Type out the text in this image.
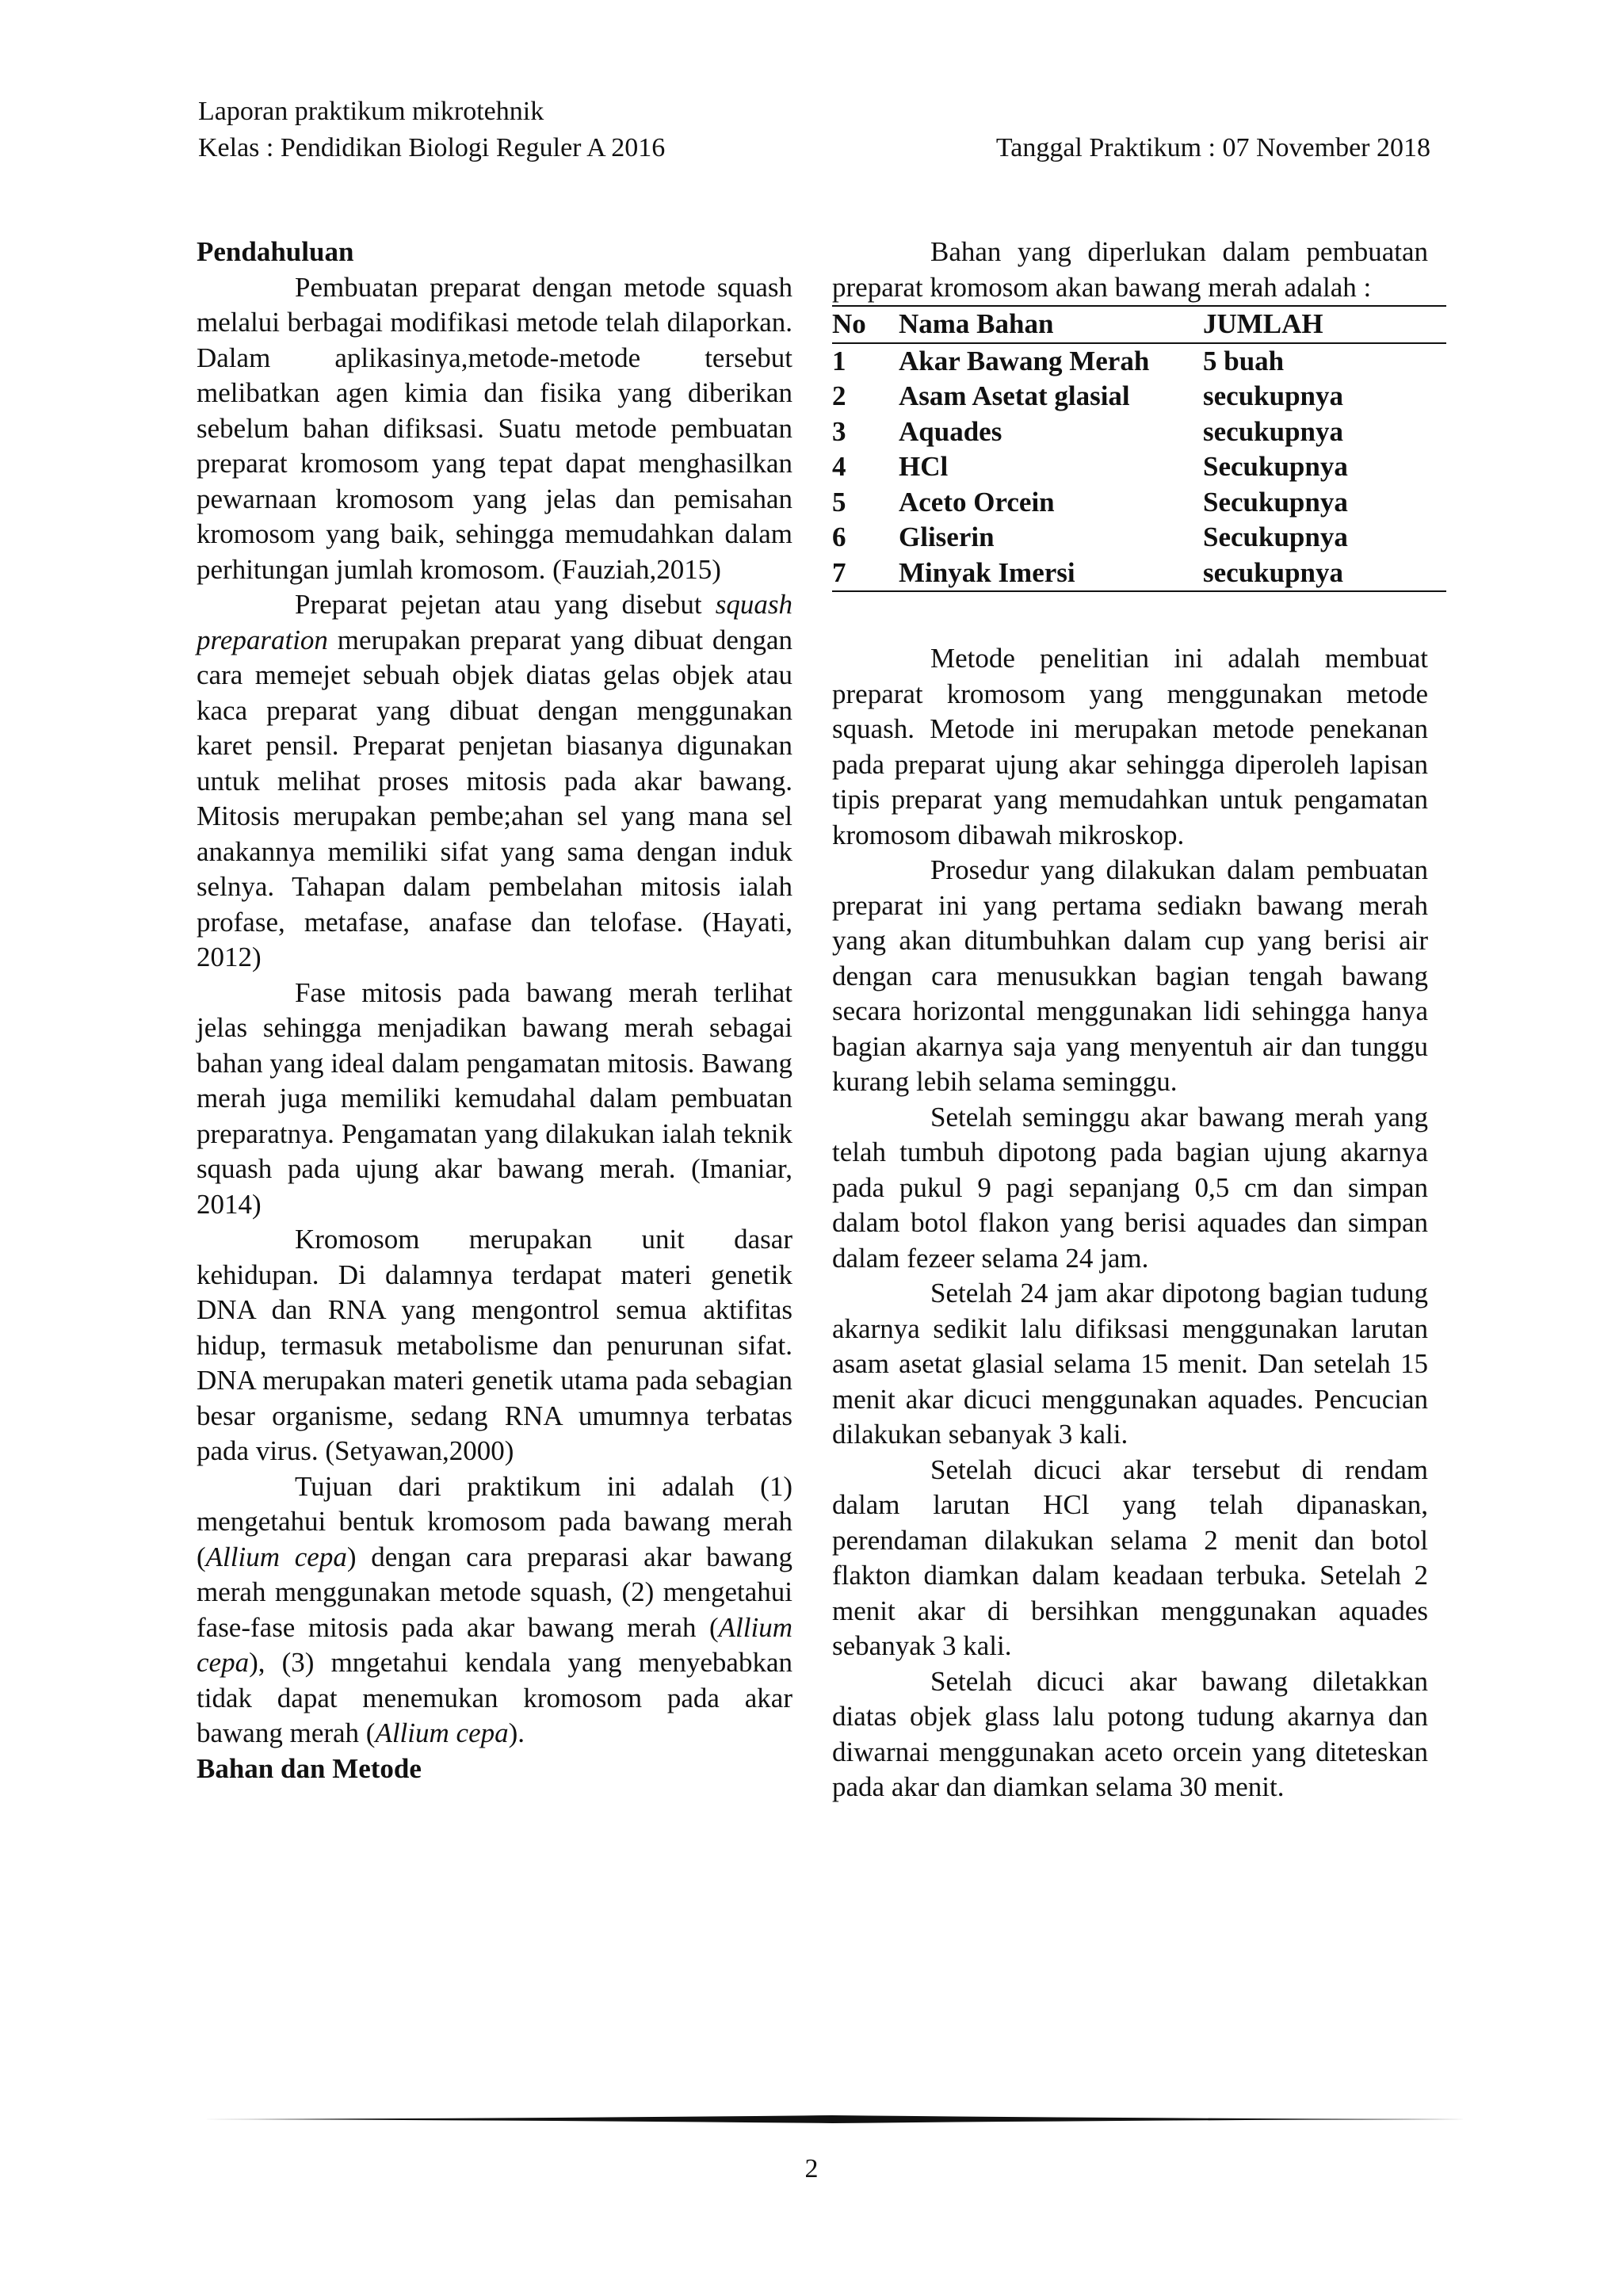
Laporan praktikum mikrotehnik
Kelas : Pendidikan Biologi Reguler A 2016	Tanggal Praktikum : 07 November 2018

Pendahuluan

Pembuatan preparat dengan metode squash melalui berbagai modifikasi metode telah dilaporkan. Dalam aplikasinya,metode-metode tersebut melibatkan agen kimia dan fisika yang diberikan sebelum bahan difiksasi. Suatu metode pembuatan preparat kromosom yang tepat dapat menghasilkan pewarnaan kromosom yang jelas dan pemisahan kromosom yang baik, sehingga memudahkan dalam perhitungan jumlah kromosom. (Fauziah,2015)

Preparat pejetan atau yang disebut squash preparation merupakan preparat yang dibuat dengan cara memejet sebuah objek diatas gelas objek atau kaca preparat yang dibuat dengan menggunakan karet pensil. Preparat penjetan biasanya digunakan untuk melihat proses mitosis pada akar bawang. Mitosis merupakan pembe;ahan sel yang mana sel anakannya memiliki sifat yang sama dengan induk selnya. Tahapan dalam pembelahan mitosis ialah profase, metafase, anafase dan telofase. (Hayati, 2012)

Fase mitosis pada bawang merah terlihat jelas sehingga menjadikan bawang merah sebagai bahan yang ideal dalam pengamatan mitosis. Bawang merah juga memiliki kemudahal dalam pembuatan preparatnya. Pengamatan yang dilakukan ialah teknik squash pada ujung akar bawang merah. (Imaniar, 2014)

Kromosom merupakan unit dasar kehidupan. Di dalamnya terdapat materi genetik DNA dan RNA yang mengontrol semua aktifitas hidup, termasuk metabolisme dan penurunan sifat. DNA merupakan materi genetik utama pada sebagian besar organisme, sedang RNA umumnya terbatas pada virus. (Setyawan,2000)

Tujuan dari praktikum ini adalah (1) mengetahui bentuk kromosom pada bawang merah (Allium cepa) dengan cara preparasi akar bawang merah menggunakan metode squash, (2) mengetahui fase-fase mitosis pada akar bawang merah (Allium cepa), (3) mngetahui kendala yang menyebabkan tidak dapat menemukan kromosom pada akar bawang merah (Allium cepa).

Bahan dan Metode

Bahan yang diperlukan dalam pembuatan preparat kromosom akan bawang merah adalah :

No	Nama Bahan	JUMLAH
1	Akar Bawang Merah	5 buah
2	Asam Asetat glasial	secukupnya
3	Aquades	secukupnya
4	HCl	Secukupnya
5	Aceto Orcein	Secukupnya
6	Gliserin	Secukupnya
7	Minyak Imersi	secukupnya

Metode penelitian ini adalah membuat preparat kromosom yang menggunakan metode squash. Metode ini merupakan metode penekanan pada preparat ujung akar sehingga diperoleh lapisan tipis preparat yang memudahkan untuk pengamatan kromosom dibawah mikroskop.

Prosedur yang dilakukan dalam pembuatan preparat ini yang pertama sediakn bawang merah yang akan ditumbuhkan dalam cup yang berisi air dengan cara menusukkan bagian tengah bawang secara horizontal menggunakan lidi sehingga hanya bagian akarnya saja yang menyentuh air dan tunggu kurang lebih selama seminggu.

Setelah seminggu akar bawang merah yang telah tumbuh dipotong pada bagian ujung akarnya pada pukul 9 pagi sepanjang 0,5 cm dan simpan dalam botol flakon yang berisi aquades dan simpan dalam fezeer selama 24 jam.

Setelah 24 jam akar dipotong bagian tudung akarnya sedikit lalu difiksasi menggunakan larutan asam asetat glasial selama 15 menit. Dan setelah 15 menit akar dicuci menggunakan aquades. Pencucian dilakukan sebanyak 3 kali.

Setelah dicuci akar tersebut di rendam dalam larutan HCl yang telah dipanaskan, perendaman dilakukan selama 2 menit dan botol flakton diamkan dalam keadaan terbuka. Setelah 2 menit akar di bersihkan menggunakan aquades sebanyak 3 kali.

Setelah dicuci akar bawang diletakkan diatas objek glass lalu potong tudung akarnya dan diwarnai menggunakan aceto orcein yang diteteskan pada akar dan diamkan selama 30 menit.

2
